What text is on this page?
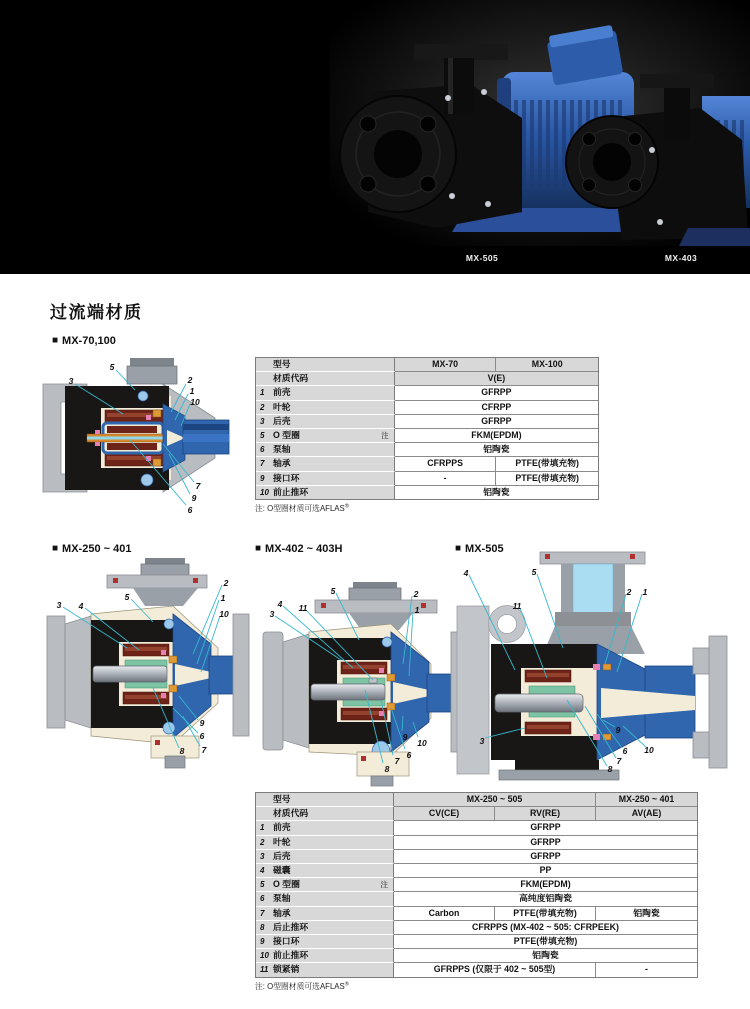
MX-505	MX-403
过流端材质
■ MX-70,100
■ MX-250 ~ 401	■ MX-402 ~ 403H	■ MX-505
5
3	2
1
10
7
9
6
2
1
10
5
3 4
9
6
7
8
5	2
1
4 11
3
9
10
6
7
8
4	5
11
2 1
3
9
10
6
7
8
型号	MX-70	MX-100
材质代码	V(E)	

1 前壳	GFRPP	

2 叶轮	CFRPP	

3 后壳	GFRPP	

5 O 型圈 注	FKM(EPDM)	

6 泵轴	铝陶瓷	

7 轴承	CFRPPS	PTFE(带填充物)

9 接口环	-	PTFE(带填充物)

10 前止推环	铝陶瓷	
注: O型圈材质可选AFLAS®
型号	MX-250 ~ 505		MX-250 ~ 401
材质代码	CV(CE)	RV(RE)	AV(AE)

1 前壳	GFRPP		

2 叶轮	GFRPP		

3 后壳	GFRPP		

4 磁囊	PP		

5 O 型圈 注	FKM(EPDM)		

6 泵轴	高纯度铝陶瓷		

7 轴承	Carbon	PTFE(带填充物)	铝陶瓷

8 后止推环	CFRPPS (MX-402 ~ 505: CFRPEEK)		

9 接口环	PTFE(带填充物)		

10 前止推环	铝陶瓷		

11 锁紧销	GFRPPS (仅限于 402 ~ 505型)		-
注: O型圈材质可选AFLAS®
